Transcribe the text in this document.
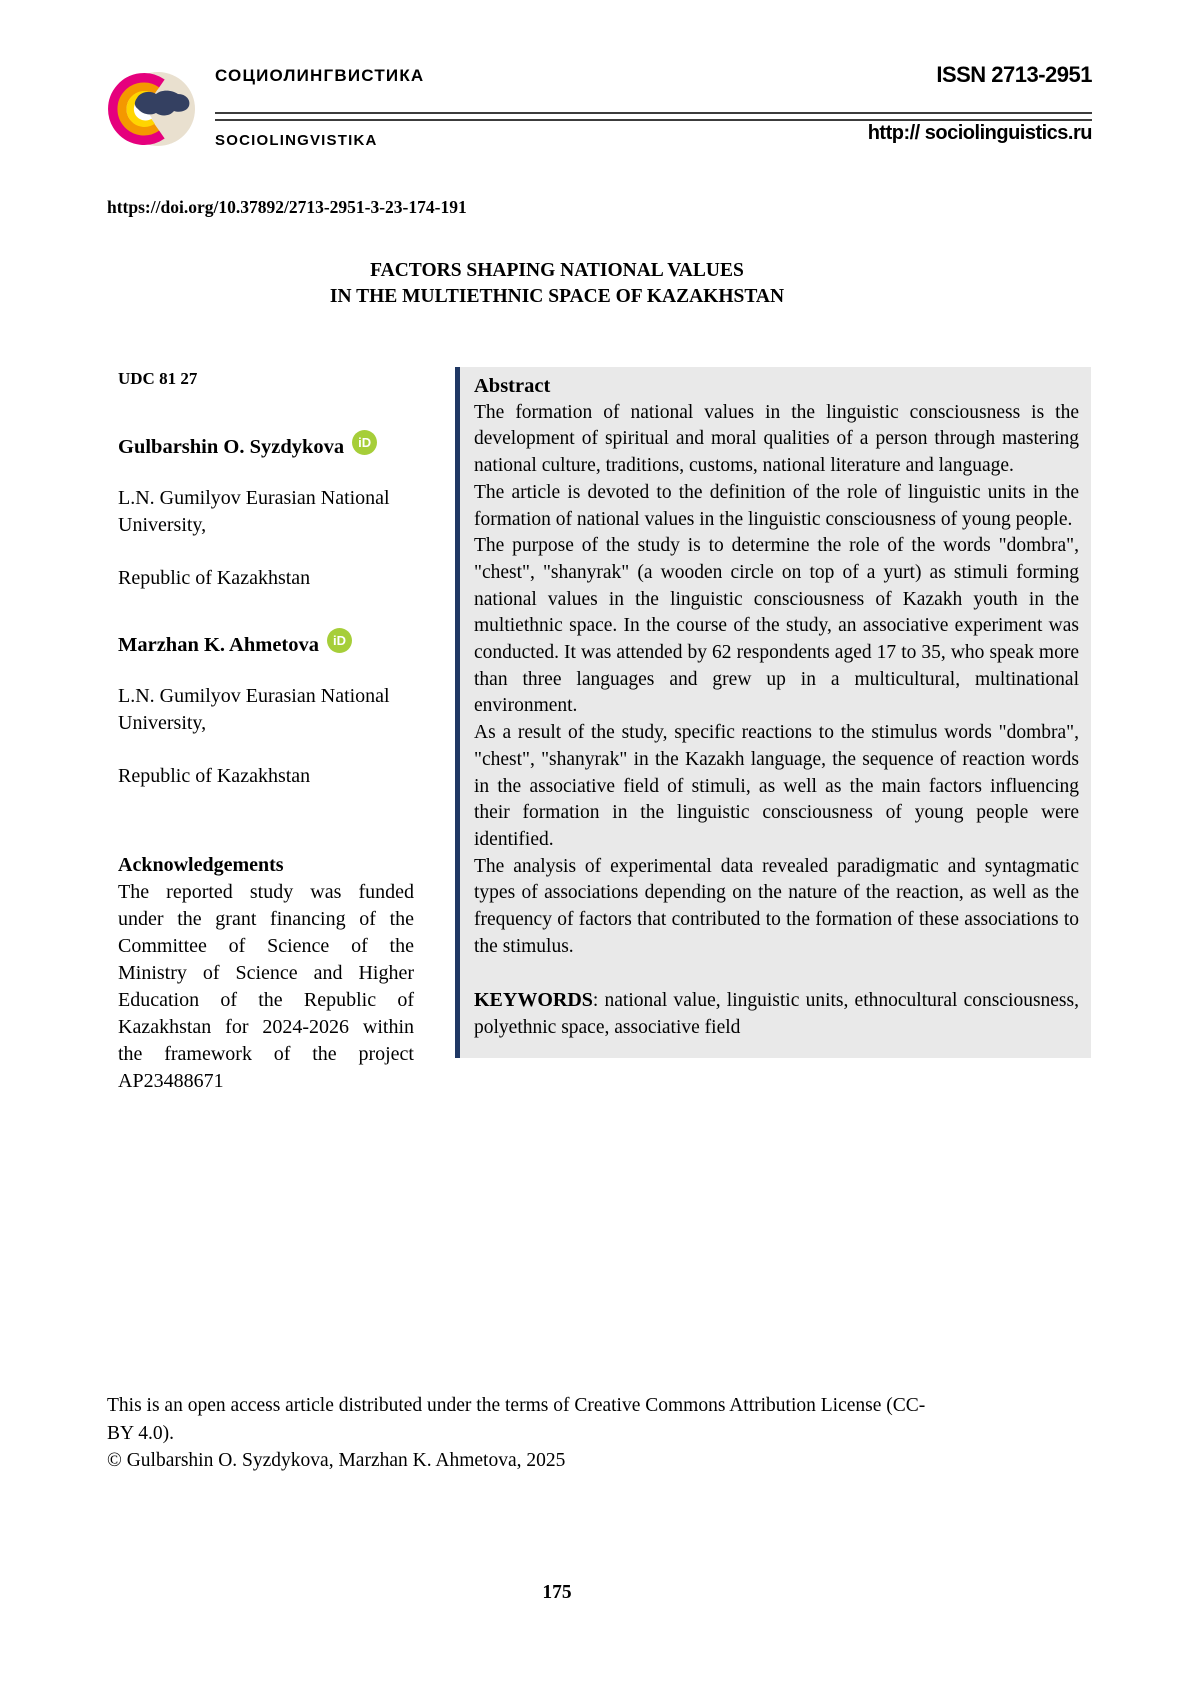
СОЦИОЛИНГВИСТИКА
SOCIOLINGVISTIKA
ISSN 2713-2951
http:// sociolinguistics.ru
https://doi.org/10.37892/2713-2951-3-23-174-191
FACTORS SHAPING NATIONAL VALUES
IN THE MULTIETHNIC SPACE OF KAZAKHSTAN

UDC 81 27

Gulbarshin O. Syzdykova iD

L.N. Gumilyov Eurasian National University,

Republic of Kazakhstan

Marzhan K. Ahmetova iD

L.N. Gumilyov Eurasian National University,

Republic of Kazakhstan

Acknowledgements

The reported study was funded under the grant financing of the Committee of Science of the Ministry of Science and Higher Education of the Republic of Kazakhstan for 2024-2026 within the framework of the project AP23488671

Abstract

The formation of national values in the linguistic consciousness is the development of spiritual and moral qualities of a person through mastering national culture, traditions, customs, national literature and language.

The article is devoted to the definition of the role of linguistic units in the formation of national values in the linguistic consciousness of young people.

The purpose of the study is to determine the role of the words "dombra", "chest", "shanyrak" (a wooden circle on top of a yurt) as stimuli forming national values in the linguistic consciousness of Kazakh youth in the multiethnic space. In the course of the study, an associative experiment was conducted. It was attended by 62 respondents aged 17 to 35, who speak more than three languages and grew up in a multicultural, multinational environment.

As a result of the study, specific reactions to the stimulus words "dombra", "chest", "shanyrak" in the Kazakh language, the sequence of reaction words in the associative field of stimuli, as well as the main factors influencing their formation in the linguistic consciousness of young people were identified.

The analysis of experimental data revealed paradigmatic and syntagmatic types of associations depending on the nature of the reaction, as well as the frequency of factors that contributed to the formation of these associations to the stimulus.

KEYWORDS: national value, linguistic units, ethnocultural consciousness, polyethnic space, associative field

This is an open access article distributed under the terms of Creative Commons Attribution License (CC-BY 4.0).

© Gulbarshin O. Syzdykova, Marzhan K. Ahmetova, 2025

175
